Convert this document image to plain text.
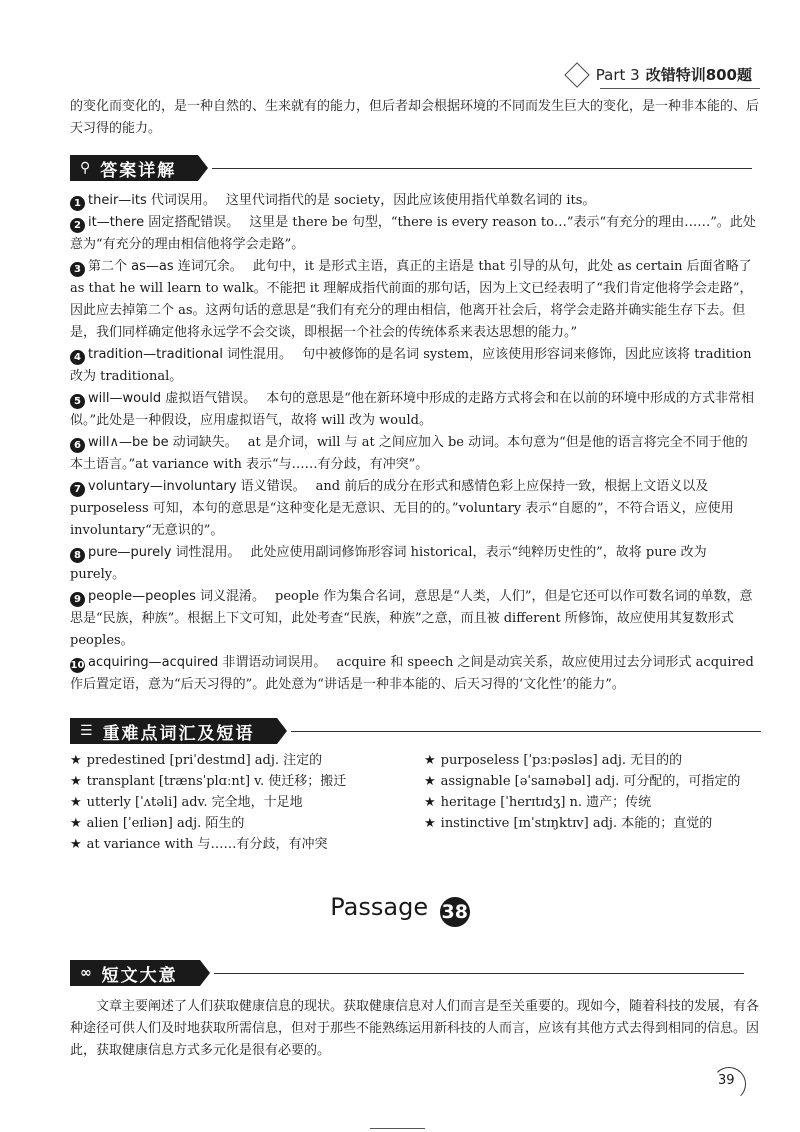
Part 3 改错特训800题
的变化而变化的，是一种自然的、生来就有的能力，但后者却会根据环境的不同而发生巨大的变化，是一种非本能的、后天习得的能力。
⚲ 答案详解
1 their—its 代词误用。 这里代词指代的是 society，因此应该使用指代单数名词的 its。
2 it—there 固定搭配错误。 这里是 there be 句型，“there is every reason to…”表示“有充分的理由……”。此处意为“有充分的理由相信他将学会走路”。
3 第二个 as—as 连词冗余。 此句中，it 是形式主语，真正的主语是 that 引导的从句，此处 as certain 后面省略了 as that he will learn to walk。不能把 it 理解成指代前面的那句话，因为上文已经表明了“我们肯定他将学会走路”，因此应去掉第二个 as。这两句话的意思是“我们有充分的理由相信，他离开社会后，将学会走路并确实能生存下去。但是，我们同样确定他将永远学不会交谈，即根据一个社会的传统体系来表达思想的能力。”
4 tradition—traditional 词性混用。 句中被修饰的是名词 system，应该使用形容词来修饰，因此应该将 tradition 改为 traditional。
5 will—would 虚拟语气错误。 本句的意思是“他在新环境中形成的走路方式将会和在以前的环境中形成的方式非常相似。”此处是一种假设，应用虚拟语气，故将 will 改为 would。
6 will∧—be be 动词缺失。 at 是介词，will 与 at 之间应加入 be 动词。本句意为“但是他的语言将完全不同于他的本土语言。”at variance with 表示“与……有分歧，有冲突”。
7 voluntary—involuntary 语义错误。 and 前后的成分在形式和感情色彩上应保持一致，根据上文语义以及 purposeless 可知，本句的意思是“这种变化是无意识、无目的的。”voluntary 表示“自愿的”，不符合语义，应使用 involuntary“无意识的”。
8 pure—purely 词性混用。 此处应使用副词修饰形容词 historical，表示“纯粹历史性的”，故将 pure 改为 purely。
9 people—peoples 词义混淆。 people 作为集合名词，意思是“人类，人们”，但是它还可以作可数名词的单数，意思是“民族，种族”。根据上下文可知，此处考查“民族，种族”之意，而且被 different 所修饰，故应使用其复数形式 peoples。
10 acquiring—acquired 非谓语动词误用。 acquire 和 speech 之间是动宾关系，故应使用过去分词形式 acquired 作后置定语，意为“后天习得的”。此处意为“讲话是一种非本能的、后天习得的‘文化性’的能力”。
☰ 重难点词汇及短语
★ predestined [priˈdestɪnd] adj. 注定的
★ transplant [trænsˈplɑːnt] v. 使迁移；搬迁
★ utterly [ˈʌtəli] adv. 完全地，十足地
★ alien [ˈeɪliən] adj. 陌生的
★ at variance with 与……有分歧，有冲突
★ purposeless [ˈpɜːpəsləs] adj. 无目的的
★ assignable [əˈsaɪnəbəl] adj. 可分配的，可指定的
★ heritage [ˈherɪtɪdʒ] n. 遗产；传统
★ instinctive [ɪnˈstɪŋktɪv] adj. 本能的；直觉的
Passage 38
∞ 短文大意
文章主要阐述了人们获取健康信息的现状。获取健康信息对人们而言是至关重要的。现如今，随着科技的发展，有各种途径可供人们及时地获取所需信息，但对于那些不能熟练运用新科技的人而言，应该有其他方式去得到相同的信息。因此，获取健康信息方式多元化是很有必要的。
39
